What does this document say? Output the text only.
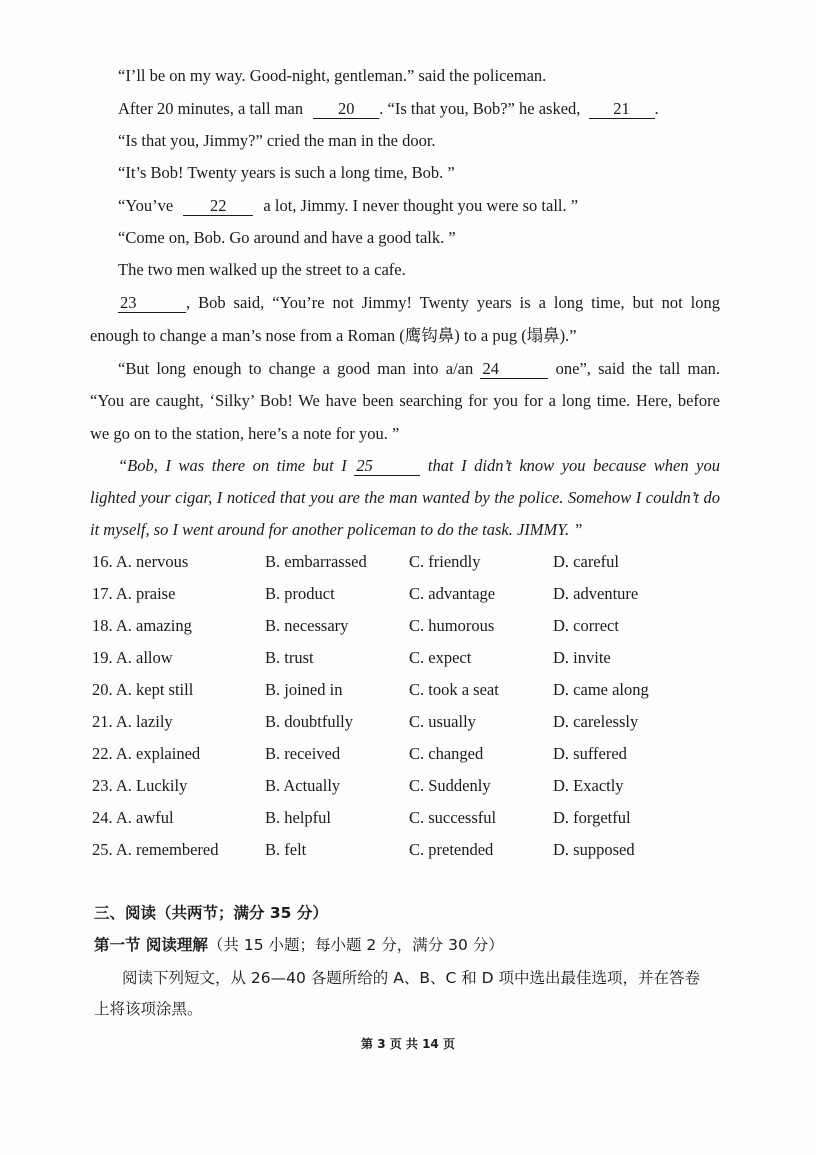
“I’ll be on my way. Good-night, gentleman.” said the policeman.
After 20 minutes, a tall man 20 . “Is that you, Bob?” he asked, 21 .
“Is that you, Jimmy?” cried the man in the door.
“It’s Bob! Twenty years is such a long time, Bob. ”
“You’ve 22 a lot, Jimmy. I never thought you were so tall. ”
“Come on, Bob. Go around and have a good talk. ”
The two men walked up the street to a cafe.
23	, Bob said, “You’re not Jimmy! Twenty years is a long time, but not long
enough to change a man’s nose from a Roman (鹰钩鼻) to a pug (塌鼻).”
“But long enough to change a good man into a/an 24	one”, said the tall man.
“You are caught, ‘Silky’ Bob! We have been searching for you for a long time. Here, before
we go on to the station, here’s a note for you. ”
“Bob, I was there on time but I 25	that I didn’t know you because when you
lighted your cigar, I noticed that you are the man wanted by the police. Somehow I couldn’t do
it myself, so I went around for another policeman to do the task. JIMMY. ”
16. A. nervous	B. embarrassed	C. friendly	D. careful
17. A. praise	B. product	C. advantage	D. adventure
18. A. amazing	B. necessary	C. humorous	D. correct
19. A. allow	B. trust	C. expect	D. invite
20. A. kept still	B. joined in	C. took a seat	D. came along
21. A. lazily	B. doubtfully	C. usually	D. carelessly
22. A. explained	B. received	C. changed	D. suffered
23. A. Luckily	B. Actually	C. Suddenly	D. Exactly
24. A. awful	B. helpful	C. successful	D. forgetful
25. A. remembered	B. felt	C. pretended	D. supposed
三、阅读（共两节；满分 35 分）
第一节 阅读理解（共 15 小题；每小题 2 分，满分 30 分）
阅读下列短文，从 26—40 各题所给的 A、B、C 和 D 项中选出最佳选项，并在答卷
上将该项涂黑。
第 3 页 共 14 页
